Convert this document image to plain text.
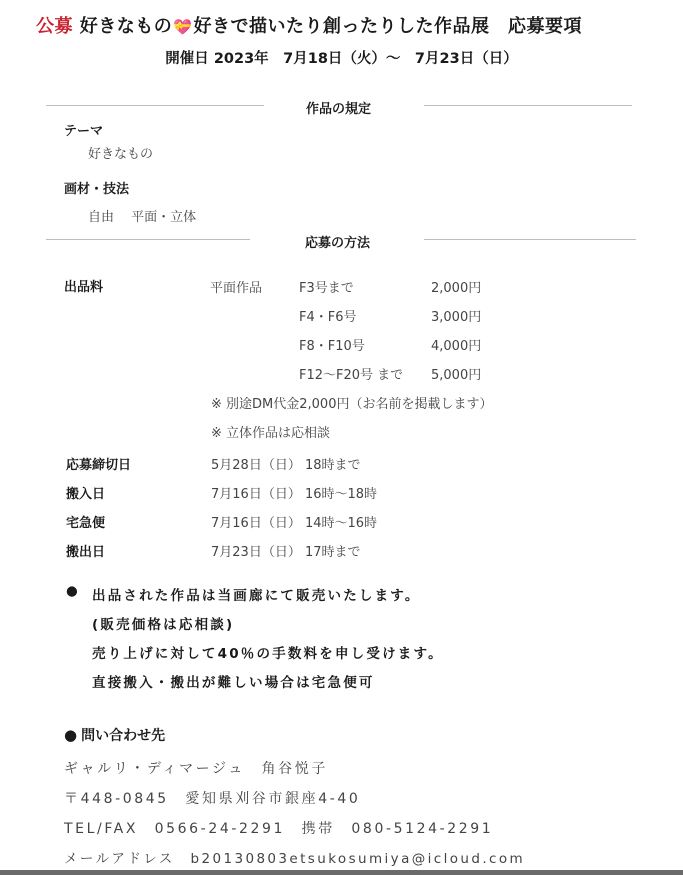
公募 好きなもの💝好きで描いたり創ったりした作品展　応募要項
開催日 2023年　7月18日（火）～　7月23日（日）
作品の規定
テーマ
好きなもの
画材・技法
自由　 平面・立体
応募の方法
出品料	平面作品	F3号まで	2,000円
F4・F6号	3,000円
F8・F10号	4,000円
F12～F20号 まで 5,000円
※ 別途DM代金2,000円（お名前を掲載します）
※ 立体作品は応相談
応募締切日	5月28日（日） 18時まで
搬入日	7月16日（日） 16時～18時
宅急便	7月16日（日） 14時～16時
搬出日	7月23日（日） 17時まで
● 出品された作品は当画廊にて販売いたします。
(販売価格は応相談)
売り上げに対して40％の手数料を申し受けます。
直接搬入・搬出が難しい場合は宅急便可
● 問い合わせ先
ギャルリ・ディマージュ　角谷悦子
〒448-0845　愛知県刈谷市銀座4-40
TEL/FAX　0566-24-2291　携帯　080-5124-2291
メールアドレス　b20130803etsukosumiya@icloud.com
